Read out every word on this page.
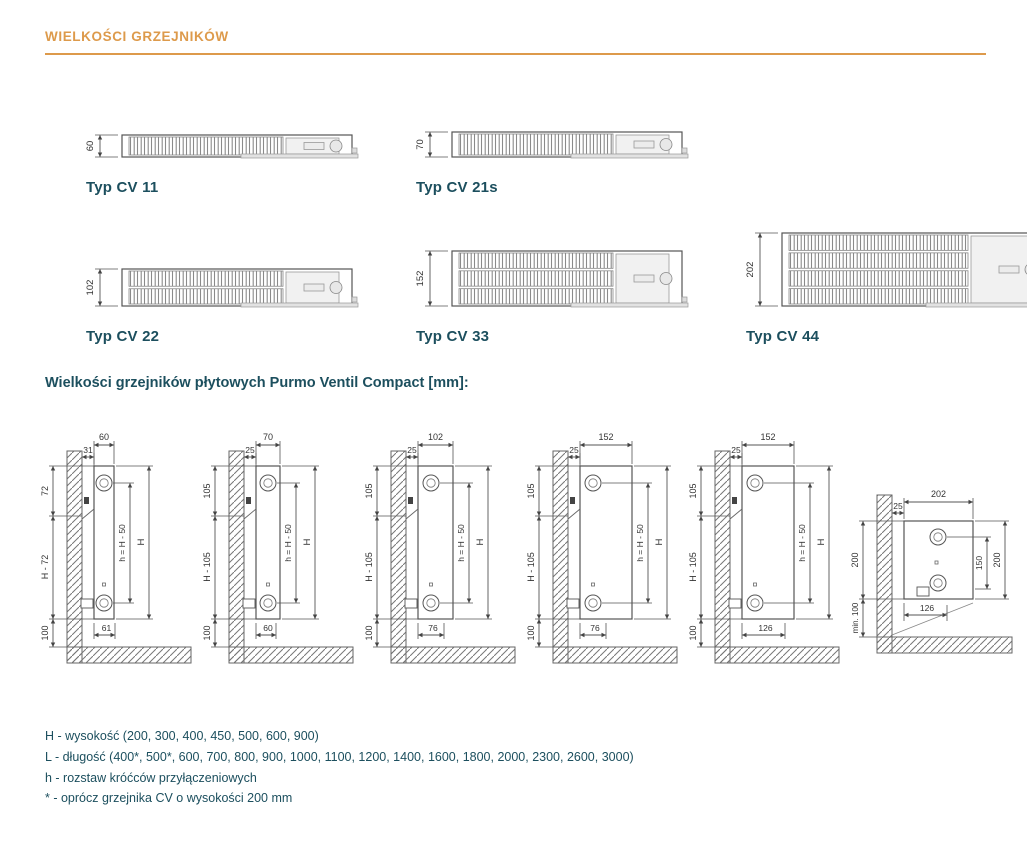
WIELKOŚCI GRZEJNIKÓW
60
Typ CV 11
70
Typ CV 21s
102
Typ CV 22
152
Typ CV 33
202
Typ CV 44
Wielkości grzejników płytowych Purmo Ventil Compact [mm]:
60
31
72
H - 72
100
h = H - 50 H
61
70
25
105
H - 105
100
h = H - 50 H
60
102
25
105
H - 105
100
h = H - 50 H
76
152
25
105
H - 105
100
h = H - 50 H
76
152
25
105
H - 105
100
h = H - 50 H
126
202
25
200
min. 100
150 200
126
H - wysokość (200, 300, 400, 450, 500, 600, 900)
L - długość (400*, 500*, 600, 700, 800, 900, 1000, 1100, 1200, 1400, 1600, 1800, 2000, 2300, 2600, 3000)
h - rozstaw króćców przyłączeniowych
* - oprócz grzejnika CV o wysokości 200 mm
